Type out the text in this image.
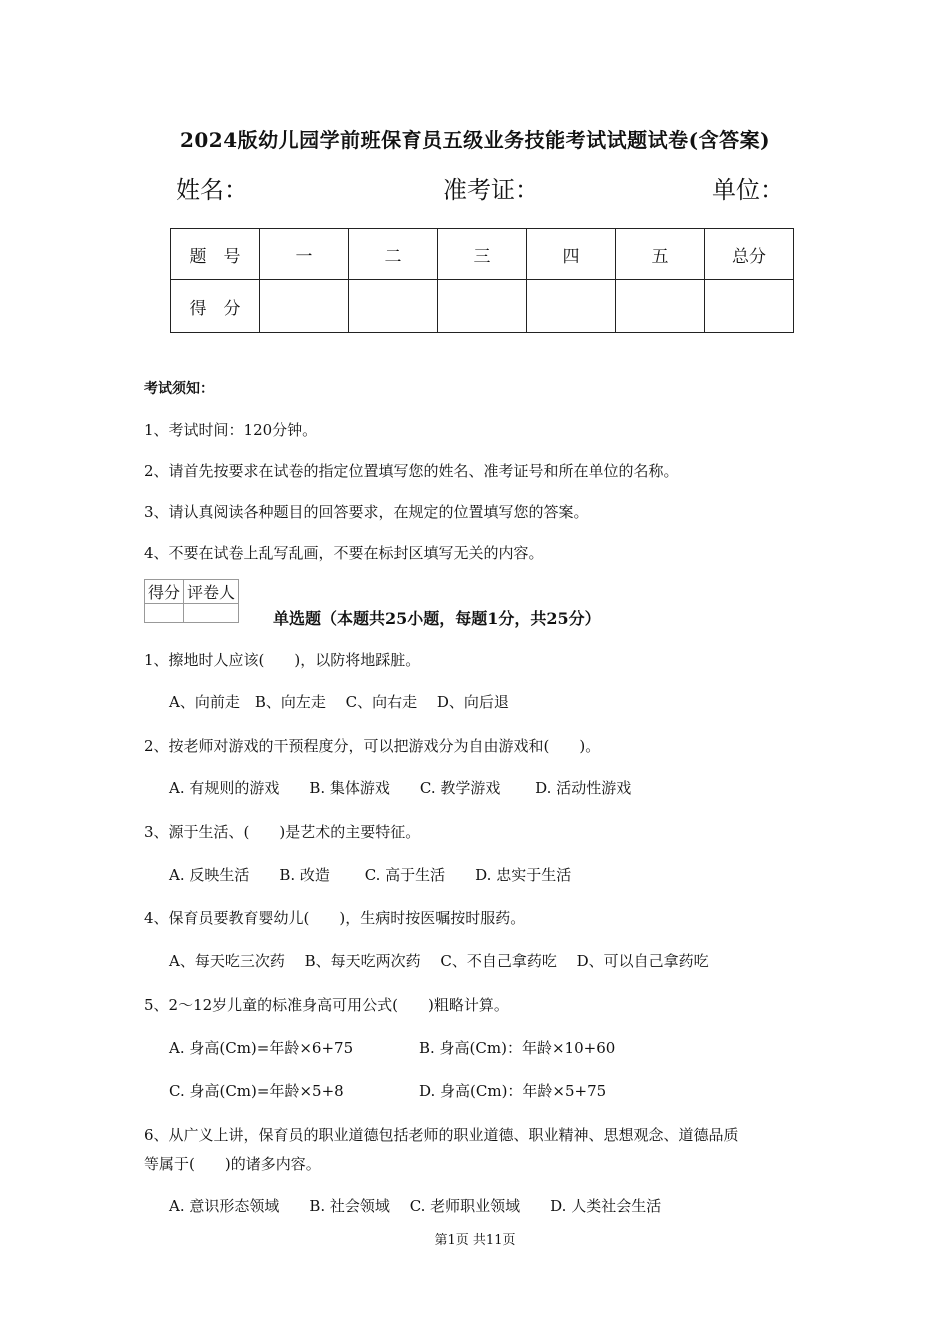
2024版幼儿园学前班保育员五级业务技能考试试题试卷(含答案)
姓名：	准考证：	单位：
题　号	一	二	三	四	五	总分
得　分						
考试须知：
1、考试时间：120分钟。
2、请首先按要求在试卷的指定位置填写您的姓名、准考证号和所在单位的名称。
3、请认真阅读各种题目的回答要求，在规定的位置填写您的答案。
4、不要在试卷上乱写乱画，不要在标封区填写无关的内容。
得分	评卷人

单选题（本题共25小题，每题1分，共25分）
1、擦地时人应该(　　)，以防将地踩脏。
A、向前走　B、向左走　 C、向右走　 D、向后退
2、按老师对游戏的干预程度分，可以把游戏分为自由游戏和(　　)。
A. 有规则的游戏　　B. 集体游戏　　C. 教学游戏　　 D. 活动性游戏
3、源于生活、(　　)是艺术的主要特征。
A. 反映生活　　B. 改造　　 C. 高于生活　　D. 忠实于生活
4、保育员要教育婴幼儿(　　)，生病时按医嘱按时服药。
A、每天吃三次药　 B、每天吃两次药　 C、不自己拿药吃　 D、可以自己拿药吃
5、2～12岁儿童的标准身高可用公式(　　)粗略计算。
A. 身高(Cm)=年龄×6+75	B. 身高(Cm)：年龄×10+60
C. 身高(Cm)=年龄×5+8	D. 身高(Cm)：年龄×5+75
6、从广义上讲，保育员的职业道德包括老师的职业道德、职业精神、思想观念、道德品质
等属于(　　)的诸多内容。
A. 意识形态领域　　B. 社会领域　 C. 老师职业领域　　D. 人类社会生活
第1页 共11页
